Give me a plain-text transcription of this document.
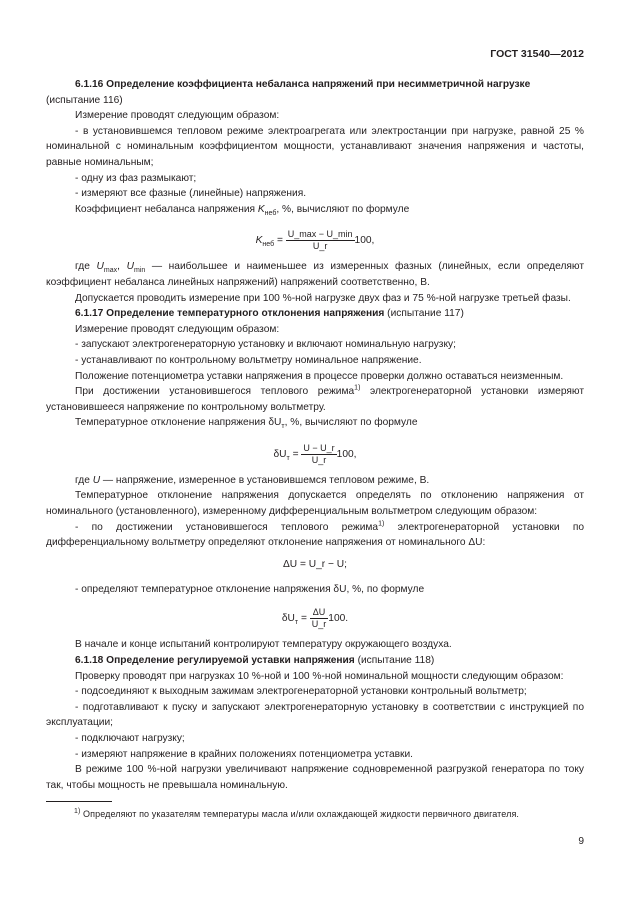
ГОСТ 31540—2012

6.1.16 Определение коэффициента небаланса напряжений при несимметричной нагрузке
(испытание 116)

Измерение проводят следующим образом:

- в установившемся тепловом режиме электроагрегата или электростанции при нагрузке, равной 25 % номинальной с номинальным коэффициентом мощности, устанавливают значения напряжения и частоты, равные номинальным;

- одну из фаз размыкают;

- измеряют все фазные (линейные) напряжения.

Коэффициент небаланса напряжения $K_{неб}$, %, вычисляют по формуле

$K_{неб} = \frac{U\_\max - U\_\min}{U\_r} 100$,

где $U_{max}$, $U_{min}$ — наибольшее и наименьшее из измеренных фазных (линейных, если определяют коэффициент небаланса линейных напряжений) напряжений соответственно, В.

Допускается проводить измерение при 100 %-ной нагрузке двух фаз и 75 %-ной нагрузке третьей фазы.

6.1.17 Определение температурного отклонения напряжения (испытание 117)

Измерение проводят следующим образом:

- запускают электрогенераторную установку и включают номинальную нагрузку;

- устанавливают по контрольному вольтметру номинальное напряжение.

Положение потенциометра уставки напряжения в процессе проверки должно оставаться неизменным.

При достижении установившегося теплового режима$^{1)}$ электрогенераторной установки измеряют установившееся напряжение по контрольному вольтметру.

Температурное отклонение напряжения $\delta U_т$, %, вычисляют по формуле

$\delta U_т = \frac{U - U\_r}{U\_r} 100$,

где U — напряжение, измеренное в установившемся тепловом режиме, В.

Температурное отклонение напряжения допускается определять по отклонению напряжения от номинального (установленного), измеренному дифференциальным вольтметром следующим образом:

- по достижении установившегося теплового режима$^{1)}$ электрогенераторной установки по дифференциальному вольтметру определяют отклонение напряжения от номинального ΔU:

ΔU = U_r − U;

- определяют температурное отклонение напряжения δU, %, по формуле

$\delta U_т = \frac{\Delta U}{U\_r} 100$.

В начале и конце испытаний контролируют температуру окружающего воздуха.

6.1.18 Определение регулируемой уставки напряжения (испытание 118)

Проверку проводят при нагрузках 10 %-ной и 100 %-ной номинальной мощности следующим образом:

- подсоединяют к выходным зажимам электрогенераторной установки контрольный вольтметр;

- подготавливают к пуску и запускают электрогенераторную установку в соответствии с инструкцией по эксплуатации;

- подключают нагрузку;

- измеряют напряжение в крайних положениях потенциометра уставки.

В режиме 100 %-ной нагрузки увеличивают напряжение содновременной разгрузкой генератора по току так, чтобы мощность не превышала номинальную.

$^{1)}$ Определяют по указателям температуры масла и/или охлаждающей жидкости первичного двигателя.
9
